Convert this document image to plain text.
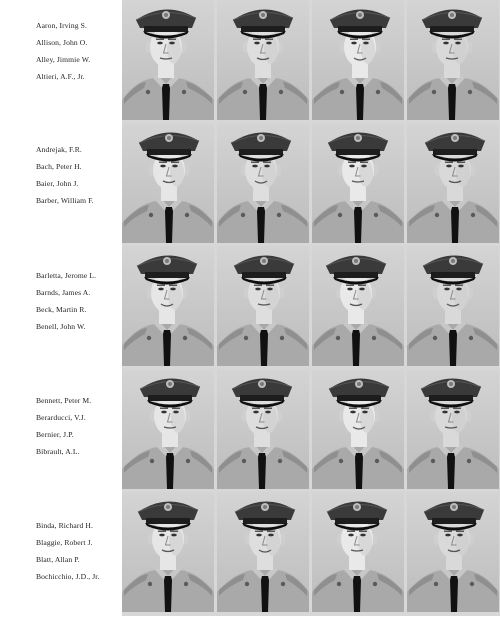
Aaron, Irving S.
Allison, John O.
Alley, Jimmie W.
Altieri, A.F., Jr.
Andrejak, F.R.
Bach, Peter H.
Baier, John J.
Barber, William F.
Barletta, Jerome L.
Barnds, James A.
Beck, Martin R.
Benell, John W.
Bennett, Peter M.
Berarducci, V.J.
Bernier, J.P.
Bibrault, A.L.
Binda, Richard H.
Blaggie, Robert J.
Blatt, Allan P.
Bochicchio, J.D., Jr.
